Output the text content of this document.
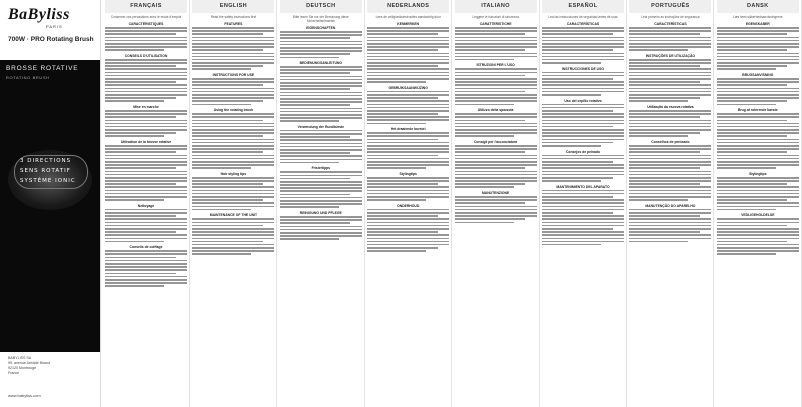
BaByliss
PARIS
700W · PRO Rotating Brush
BROSSE ROTATIVE
ROTATING BRUSH
3 DIRECTIONS
SENS ROTATIF
SYSTÈME IONIC
BABYLISS SA
99, avenue Aristide Briand
92120 Montrouge
France
www.babyliss.com
FRANÇAIS
Conserver ces précautions avec le mode d'emploi
CARACTÉRISTIQUES
CONSEILS D'UTILISATION
Mise en marche
Utilisation de la brosse rotative
Nettoyage
Conseils de coiffage
ENGLISH
Read the safety instructions first
FEATURES
INSTRUCTIONS FOR USE
Using the rotating brush
Hair styling tips
MAINTENANCE OF THE UNIT
DEUTSCH
Bitte lesen Sie vor der Benutzung diese Sicherheitshinweise
EIGENSCHAFTEN
BEDIENUNGSANLEITUNG
Verwendung der Rundbürste
Frisiertipps
REINIGUNG UND PFLEGE
NEDERLANDS
Lees de veiligheidsinstructies aandachtig door
KENMERKEN
GEBRUIKSAANWIJZING
Het draaiende borstel
Stylingtips
ONDERHOUD
ITALIANO
Leggere le istruzioni di sicurezza
CARATTERISTICHE
ISTRUZIONI PER L'USO
Utilizzo della spazzola
Consigli per l'acconciatura
MANUTENZIONE
ESPAÑOL
Lea las instrucciones de seguridad antes de usar
CARACTERÍSTICAS
INSTRUCCIONES DE USO
Uso del cepillo rotativo
Consejos de peinado
MANTENIMIENTO DEL APARATO
PORTUGUÊS
Leia primeiro as instruções de segurança
CARACTERÍSTICAS
INSTRUÇÕES DE UTILIZAÇÃO
Utilização da escova rotativa
Conselhos de penteado
MANUTENÇÃO DO APARELHO
DANSK
Læs først sikkerhedsanvisningerne
EGENSKABER
BRUGSANVISNING
Brug af roterende børste
Stylingtips
VEDLIGEHOLDELSE
